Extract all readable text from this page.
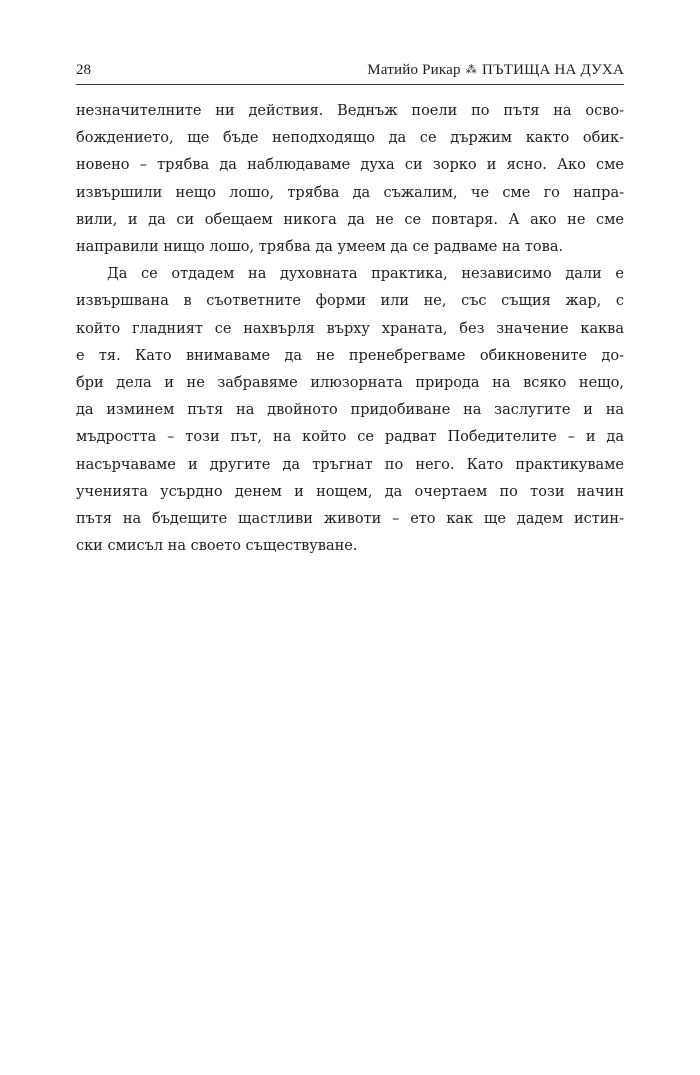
28	Матийо Рикар ⁂ ПЪТИЩА НА ДУХА
незначителните ни действия. Веднъж поели по пътя на осво-
бождението, ще бъде неподходящо да се държим както обик-
новено – трябва да наблюдаваме духа си зорко и ясно. Ако сме
извършили нещо лошо, трябва да съжалим, че сме го напра-
вили, и да си обещаем никога да не се повтаря. А ако не сме
направили нищо лошо, трябва да умеем да се радваме на това.
Да се отдадем на духовната практика, независимо дали е
извършвана в съответните форми или не, със същия жар, с
който гладният се нахвърля върху храната, без значение каква
е тя. Като внимаваме да не пренебрегваме обикновените до-
бри дела и не забравяме илюзорната природа на всяко нещо,
да изминем пътя на двойното придобиване на заслугите и на
мъдростта – този път, на който се радват Победителите – и да
насърчаваме и другите да тръгнат по него. Като практикуваме
ученията усърдно денем и нощем, да очертаем по този начин
пътя на бъдещите щастливи животи – ето как ще дадем истин-
ски смисъл на своето съществуване.
